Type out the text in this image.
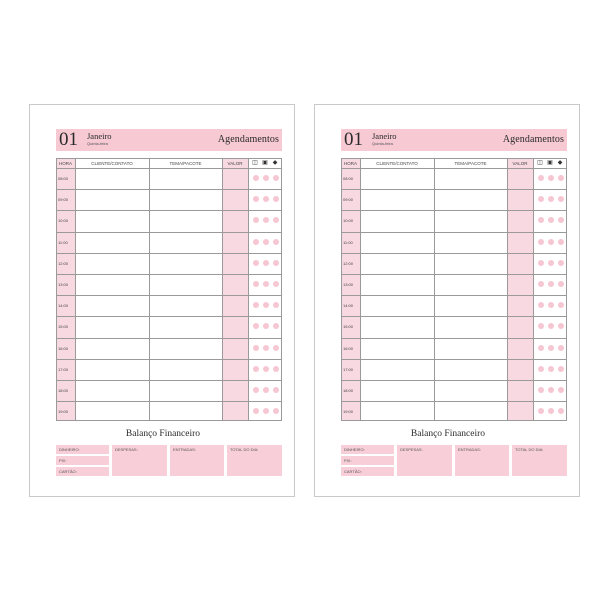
01 Janeiro
Quinta-feira	Agendamentos
HORA	CLIENTE/CONTATO	TEMA/PACOTE	VALOR	◫ ▣ ◆
08:00
09:00
10:00
11:00
12:00
13:00
14:00
15:00
16:00
17:00
18:00
19:00
Balanço Financeiro
DINHEIRO:
PIX:
CARTÃO:
DESPESAS:	ENTRADAS:	TOTAL DO DIA:
01 Janeiro
Quinta-feira	Agendamentos
HORA	CLIENTE/CONTATO	TEMA/PACOTE	VALOR	◫ ▣ ◆
08:00
09:00
10:00
11:00
12:00
13:00
14:00
15:00
16:00
17:00
18:00
19:00
Balanço Financeiro
DINHEIRO:
PIX:
CARTÃO:
DESPESAS:	ENTRADAS:	TOTAL DO DIA:
